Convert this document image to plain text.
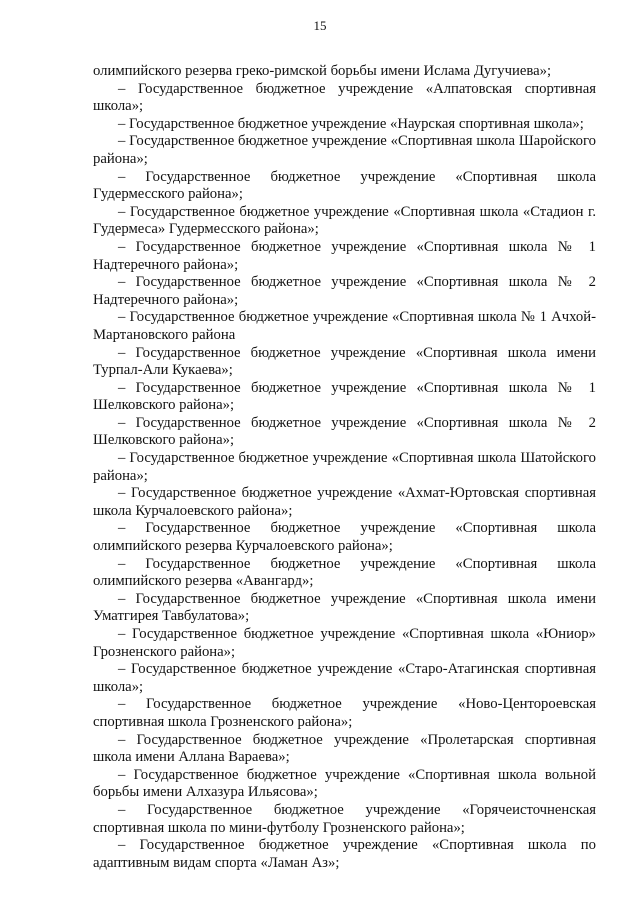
15

олимпийского резерва греко-римской борьбы имени Ислама Дугучиева»;

– Государственное бюджетное учреждение «Алпатовская спортивная школа»;

– Государственное бюджетное учреждение «Наурская спортивная школа»;

– Государственное бюджетное учреждение «Спортивная школа Шаройского района»;

– Государственное бюджетное учреждение «Спортивная школа Гудермесского района»;

– Государственное бюджетное учреждение «Спортивная школа «Стадион г. Гудермеса» Гудермесского района»;

– Государственное бюджетное учреждение «Спортивная школа № 1 Надтеречного района»;

– Государственное бюджетное учреждение «Спортивная школа № 2 Надтеречного района»;

– Государственное бюджетное учреждение «Спортивная школа № 1 Ачхой-Мартановского района

– Государственное бюджетное учреждение «Спортивная школа имени Турпал-Али Кукаева»;

– Государственное бюджетное учреждение «Спортивная школа № 1 Шелковского района»;

– Государственное бюджетное учреждение «Спортивная школа № 2 Шелковского района»;

– Государственное бюджетное учреждение «Спортивная школа Шатойского района»;

– Государственное бюджетное учреждение «Ахмат-Юртовская спортивная школа Курчалоевского района»;

– Государственное бюджетное учреждение «Спортивная школа олимпийского резерва Курчалоевского района»;

– Государственное бюджетное учреждение «Спортивная школа олимпийского резерва «Авангард»;

– Государственное бюджетное учреждение «Спортивная школа имени Уматгирея Тавбулатова»;

– Государственное бюджетное учреждение «Спортивная школа «Юниор» Грозненского района»;

– Государственное бюджетное учреждение «Старо-Атагинская спортивная школа»;

– Государственное бюджетное учреждение «Ново-Центороевская спортивная школа Грозненского района»;

– Государственное бюджетное учреждение «Пролетарская спортивная школа имени Аллана Вараева»;

– Государственное бюджетное учреждение «Спортивная школа вольной борьбы имени Алхазура Ильясова»;

– Государственное бюджетное учреждение «Горячеисточненская спортивная школа по мини-футболу Грозненского района»;

– Государственное бюджетное учреждение «Спортивная школа по адаптивным видам спорта «Ламан Аз»;
